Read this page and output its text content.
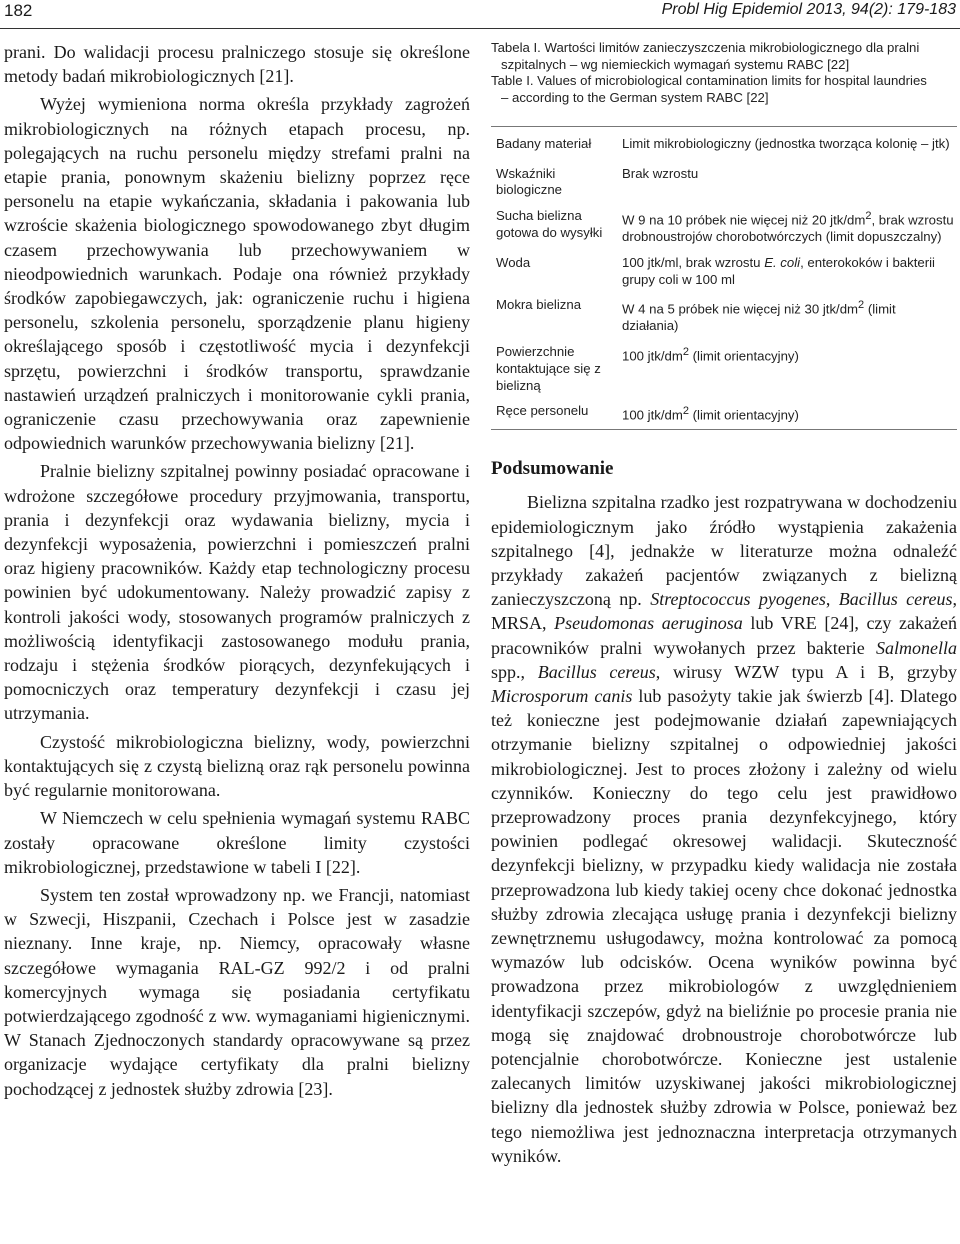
182	Probl Hig Epidemiol 2013, 94(2): 179-183

prani. Do walidacji procesu pralniczego stosuje się określone metody badań mikrobiologicznych [21].

Wyżej wymieniona norma określa przykłady zagrożeń mikrobiologicznych na różnych etapach procesu, np. polegających na ruchu personelu między strefami pralni na etapie prania, ponownym skażeniu bielizny poprzez ręce personelu na etapie wykańczania, składania i pakowania lub wzroście skażenia biologicznego spowodowanego zbyt długim czasem przechowywania lub przechowywaniem w nieodpowiednich warunkach. Podaje ona również przykłady środków zapobiegawczych, jak: ograniczenie ruchu i higiena personelu, szkolenia personelu, sporządzenie planu higieny określającego sposób i częstotliwość mycia i dezynfekcji sprzętu, powierzchni i środków transportu, sprawdzanie nastawień urządzeń pralniczych i monitorowanie cykli prania, ograniczenie czasu przechowywania oraz zapewnienie odpowiednich warunków przechowywania bielizny [21].

Pralnie bielizny szpitalnej powinny posiadać opracowane i wdrożone szczegółowe procedury przyjmowania, transportu, prania i dezynfekcji oraz wydawania bielizny, mycia i dezynfekcji wyposażenia, powierzchni i pomieszczeń pralni oraz higieny pracowników. Każdy etap technologiczny procesu powinien być udokumentowany. Należy prowadzić zapisy z kontroli jakości wody, stosowanych programów pralniczych z możliwością identyfikacji zastosowanego modułu prania, rodzaju i stężenia środków piorących, dezynfekujących i pomocniczych oraz temperatury dezynfekcji i czasu jej utrzymania.

Czystość mikrobiologiczna bielizny, wody, powierzchni kontaktujących się z czystą bielizną oraz rąk personelu powinna być regularnie monitorowana.

W Niemczech w celu spełnienia wymagań systemu RABC zostały opracowane określone limity czystości mikrobiologicznej, przedstawione w tabeli I [22].

System ten został wprowadzony np. we Francji, natomiast w Szwecji, Hiszpanii, Czechach i Polsce jest w zasadzie nieznany. Inne kraje, np. Niemcy, opracowały własne szczegółowe wymagania RAL-GZ 992/2 i od pralni komercyjnych wymaga się posiadania certyfikatu potwierdzającego zgodność z ww. wymaganiami higienicznymi. W Stanach Zjednoczonych standardy opracowywane są przez organizacje wydające certyfikaty dla pralni bielizny pochodzącej z jednostek służby zdrowia [23].

Tabela I. Wartości limitów zanieczyszczenia mikrobiologicznego dla pralni
szpitalnych – wg niemieckich wymagań systemu RABC [22]
Table I. Values of microbiological contamination limits for hospital laundries
– according to the German system RABC [22]
Badany materiał	Limit mikrobiologiczny (jednostka tworząca kolonię – jtk)
Wskaźniki biologiczne	Brak wzrostu
Sucha bielizna gotowa do wysyłki	W 9 na 10 próbek nie więcej niż 20 jtk/$dm^2$, brak wzrostu drobnoustrojów chorobotwórczych (limit dopuszczalny)
Woda	100 jtk/ml, brak wzrostu E. coli, enterokoków i bakterii grupy coli w 100 ml
Mokra bielizna	W 4 na 5 próbek nie więcej niż 30 jtk/$dm^2$ (limit działania)
Powierzchnie kontaktujące się z bielizną	100 jtk/$dm^2$ (limit orientacyjny)
Ręce personelu	100 jtk/$dm^2$ (limit orientacyjny)
Podsumowanie

Bielizna szpitalna rzadko jest rozpatrywana w dochodzeniu epidemiologicznym jako źródło wystąpienia zakażenia szpitalnego [4], jednakże w literaturze można odnaleźć przykłady zakażeń pacjentów związanych z bielizną zanieczyszczoną np. Streptococcus pyogenes, Bacillus cereus, MRSA, Pseudomonas aeruginosa lub VRE [24], czy zakażeń pracowników pralni wywołanych przez bakterie Salmonella spp., Bacillus cereus, wirusy WZW typu A i B, grzyby Microsporum canis lub pasożyty takie jak świerzb [4]. Dlatego też konieczne jest podejmowanie działań zapewniających otrzymanie bielizny szpitalnej o odpowiedniej jakości mikrobiologicznej. Jest to proces złożony i zależny od wielu czynników. Konieczny do tego celu jest prawidłowo przeprowadzony proces prania dezynfekcyjnego, który powinien podlegać okresowej walidacji. Skuteczność dezynfekcji bielizny, w przypadku kiedy walidacja nie została przeprowadzona lub kiedy takiej oceny chce dokonać jednostka służby zdrowia zlecająca usługę prania i dezynfekcji bielizny zewnętrznemu usługodawcy, można kontrolować za pomocą wymazów lub odcisków. Ocena wyników powinna być prowadzona przez mikrobiologów z uwzględnieniem identyfikacji szczepów, gdyż na bieliźnie po procesie prania nie mogą się znajdować drobnoustroje chorobotwórcze lub potencjalnie chorobotwórcze. Konieczne jest ustalenie zalecanych limitów uzyskiwanej jakości mikrobiologicznej bielizny dla jednostek służby zdrowia w Polsce, ponieważ bez tego niemożliwa jest jednoznaczna interpretacja otrzymanych wyników.
